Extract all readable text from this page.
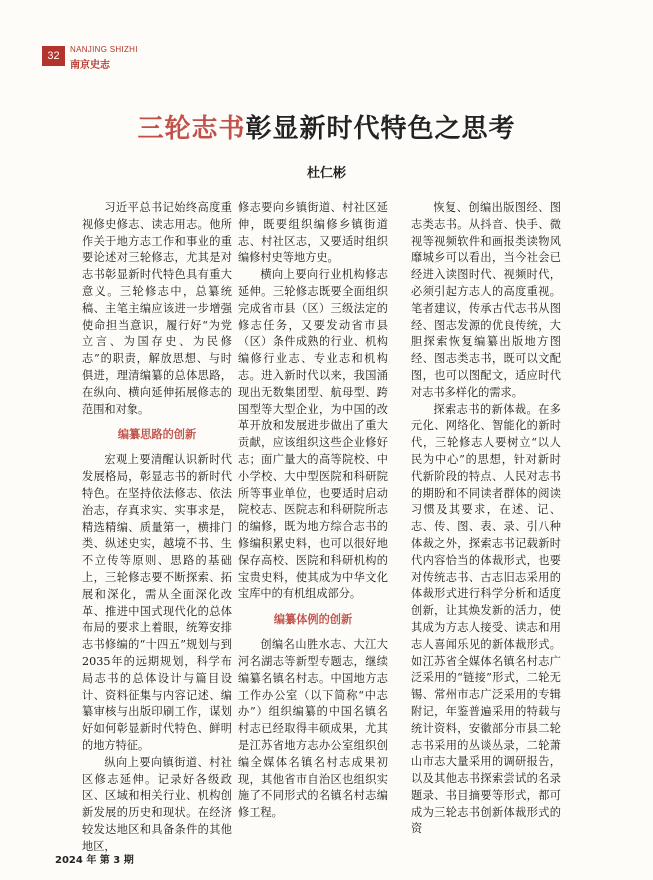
32
NANJING SHIZHI
南京史志
三轮志书彰显新时代特色之思考
杜仁彬

习近平总书记始终高度重视修史修志、读志用志。他所作关于地方志工作和事业的重要论述对三轮修志，尤其是对志书彰显新时代特色具有重大意义。三轮修志中，总纂统稿、主笔主编应该进一步增强使命担当意识，履行好“为党立言、为国存史、为民修志”的职责，解放思想、与时俱进，理清编纂的总体思路，在纵向、横向延伸拓展修志的范围和对象。

编纂思路的创新

宏观上要清醒认识新时代发展格局，彰显志书的新时代特色。在坚持依法修志、依法治志，存真求实、实事求是，精选精编、质量第一，横排门类、纵述史实，越境不书、生不立传等原则、思路的基础上，三轮修志要不断探索、拓展和深化，需从全面深化改革、推进中国式现代化的总体布局的要求上着眼，统筹安排志书修编的“十四五”规划与到2035年的远期规划，科学布局志书的总体设计与篇目设计、资料征集与内容记述、编纂审核与出版印刷工作，谋划好如何彰显新时代特色、鲜明的地方特征。

纵向上要向镇街道、村社区修志延伸。记录好各级政区、区域和相关行业、机构创新发展的历史和现状。在经济较发达地区和具备条件的其他地区，

修志要向乡镇街道、村社区延伸，既要组织编修乡镇街道志、村社区志，又要适时组织编修村史等地方史。

横向上要向行业机构修志延伸。三轮修志既要全面组织完成省市县（区）三级法定的修志任务，又要发动省市县（区）条件成熟的行业、机构编修行业志、专业志和机构志。进入新时代以来，我国涌现出无数集团型、航母型、跨国型等大型企业，为中国的改革开放和发展进步做出了重大贡献，应该组织这些企业修好志；面广量大的高等院校、中小学校、大中型医院和科研院所等事业单位，也要适时启动院校志、医院志和科研院所志的编修，既为地方综合志书的修编积累史料，也可以很好地保存高校、医院和科研机构的宝贵史料，使其成为中华文化宝库中的有机组成部分。

编纂体例的创新

创编名山胜水志、大江大河名湖志等新型专题志，继续编纂名镇名村志。中国地方志工作办公室（以下简称“中志办”）组织编纂的中国名镇名村志已经取得丰硕成果，尤其是江苏省地方志办公室组织创编全媒体名镇名村志成果初现，其他省市自治区也组织实施了不同形式的名镇名村志编修工程。

恢复、创编出版图经、图志类志书。从抖音、快手、微视等视频软件和画报类读物风靡城乡可以看出，当今社会已经进入读图时代、视频时代，必须引起方志人的高度重视。笔者建议，传承古代志书从图经、图志发源的优良传统，大胆探索恢复编纂出版地方图经、图志类志书，既可以文配图，也可以图配文，适应时代对志书多样化的需求。

探索志书的新体裁。在多元化、网络化、智能化的新时代，三轮修志人要树立“以人民为中心”的思想，针对新时代新阶段的特点、人民对志书的期盼和不同读者群体的阅读习惯及其要求，在述、记、志、传、图、表、录、引八种体裁之外，探索志书记载新时代内容恰当的体裁形式，也要对传统志书、古志旧志采用的体裁形式进行科学分析和适度创新，让其焕发新的活力，使其成为方志人接受、读志和用志人喜闻乐见的新体裁形式。如江苏省全媒体名镇名村志广泛采用的“链接”形式，二轮无锡、常州市志广泛采用的专辑附记，年鉴普遍采用的特载与统计资料，安徽部分市县二轮志书采用的丛谈丛录，二轮萧山市志大量采用的调研报告，以及其他志书探索尝试的名录题录、书目摘要等形式，都可成为三轮志书创新体裁形式的资

2024 年 第 3 期
